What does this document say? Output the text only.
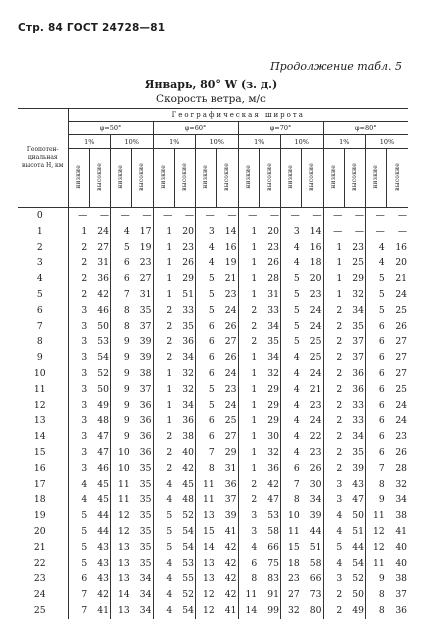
Стр. 84 ГОСТ 24728—81
Продолжение табл. 5
Январь, 80° W (з. д.)
Скорость ветра, м/с
Геопотен-циальная высота H, км	Географическая широта															
	φ=50°				φ=60°				φ=70°				φ=80°			
	1%		10%		1%		10%		1%		10%		1%		10%	
	низкие	высокие	низкие	высокие	низкие	высокие	низкие	высокие	низкие	высокие	низкие	высокие	низкие	высокие	низкие	высокие
0	—	—	—	—	—	—	—	—	—	—	—	—	—	—	—	—
1	1	24	4	17	1	20	3	14	1	20	3	14	—	—	—	—
2	2	27	5	19	1	23	4	16	1	23	4	16	1	23	4	16
3	2	31	6	23	1	26	4	19	1	26	4	18	1	25	4	20
4	2	36	6	27	1	29	5	21	1	28	5	20	1	29	5	21
5	2	42	7	31	1	51	5	23	1	31	5	23	1	32	5	24
6	3	46	8	35	2	33	5	24	2	33	5	24	2	34	5	25
7	3	50	8	37	2	35	6	26	2	34	5	24	2	35	6	26
8	3	53	9	39	2	36	6	27	2	35	5	25	2	37	6	27
9	3	54	9	39	2	34	6	26	1	34	4	25	2	37	6	27
10	3	52	9	38	1	32	6	24	1	32	4	24	2	36	6	27
11	3	50	9	37	1	32	5	23	1	29	4	21	2	36	6	25
12	3	49	9	36	1	34	5	24	1	29	4	23	2	33	6	24
13	3	48	9	36	1	36	6	25	1	29	4	24	2	33	6	24
14	3	47	9	36	2	38	6	27	1	30	4	22	2	34	6	23
15	3	47	10	36	2	40	7	29	1	32	4	23	2	35	6	26
16	3	46	10	35	2	42	8	31	1	36	6	26	2	39	7	28
17	4	45	11	35	4	45	11	36	2	42	7	30	3	43	8	32
18	4	45	11	35	4	48	11	37	2	47	8	34	3	47	9	34
19	5	44	12	35	5	52	13	39	3	53	10	39	4	50	11	38
20	5	44	12	35	5	54	15	41	3	58	11	44	4	51	12	41
21	5	43	13	35	5	54	14	42	4	66	15	51	5	44	12	40
22	5	43	13	35	4	53	13	42	6	75	18	58	4	54	11	40
23	6	43	13	34	4	55	13	42	8	83	23	66	3	52	9	38
24	7	42	14	34	4	52	12	42	11	91	27	73	2	50	8	37
25	7	41	13	34	4	54	12	41	14	99	32	80	2	49	8	36
